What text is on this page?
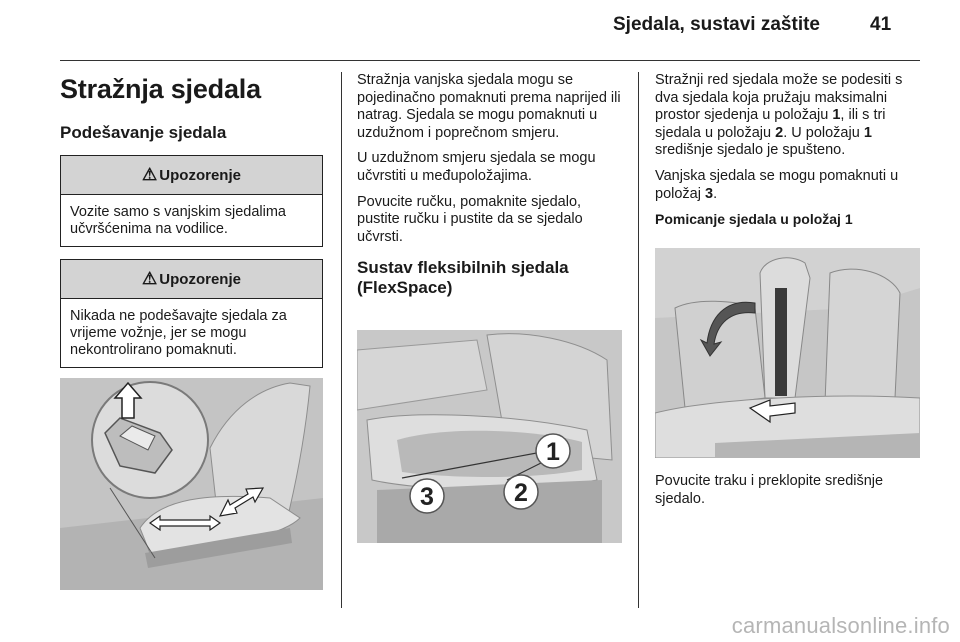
Sjedala, sustavi zaštite	41
Stražnja sjedala
Podešavanje sjedala
⚠ Upozorenje
Vozite samo s vanjskim sjedalima učvršćenima na vodilice.
⚠ Upozorenje
Nikada ne podešavajte sjedala za vrijeme vožnje, jer se mogu nekontrolirano pomaknuti.

Stražnja vanjska sjedala mogu se pojedinačno pomaknuti prema naprijed ili natrag. Sjedala se mogu pomaknuti u uzdužnom i poprečnom smjeru.

U uzdužnom smjeru sjedala se mogu učvrstiti u međupoložajima.

Povucite ručku, pomaknite sjedalo, pustite ručku i pustite da se sjedalo učvrsti.

Sustav fleksibilnih sjedala (FlexSpace)
1
2
3

Stražnji red sjedala može se podesiti s dva sjedala koja pružaju maksimalni prostor sjedenja u položaju 1, ili s tri sjedala u položaju 2. U položaju 1 središnje sjedalo je spušteno.

Vanjska sjedala se mogu pomaknuti u položaj 3.

Pomicanje sjedala u položaj 1

Povucite traku i preklopite središnje sjedalo.

carmanualsonline.info
